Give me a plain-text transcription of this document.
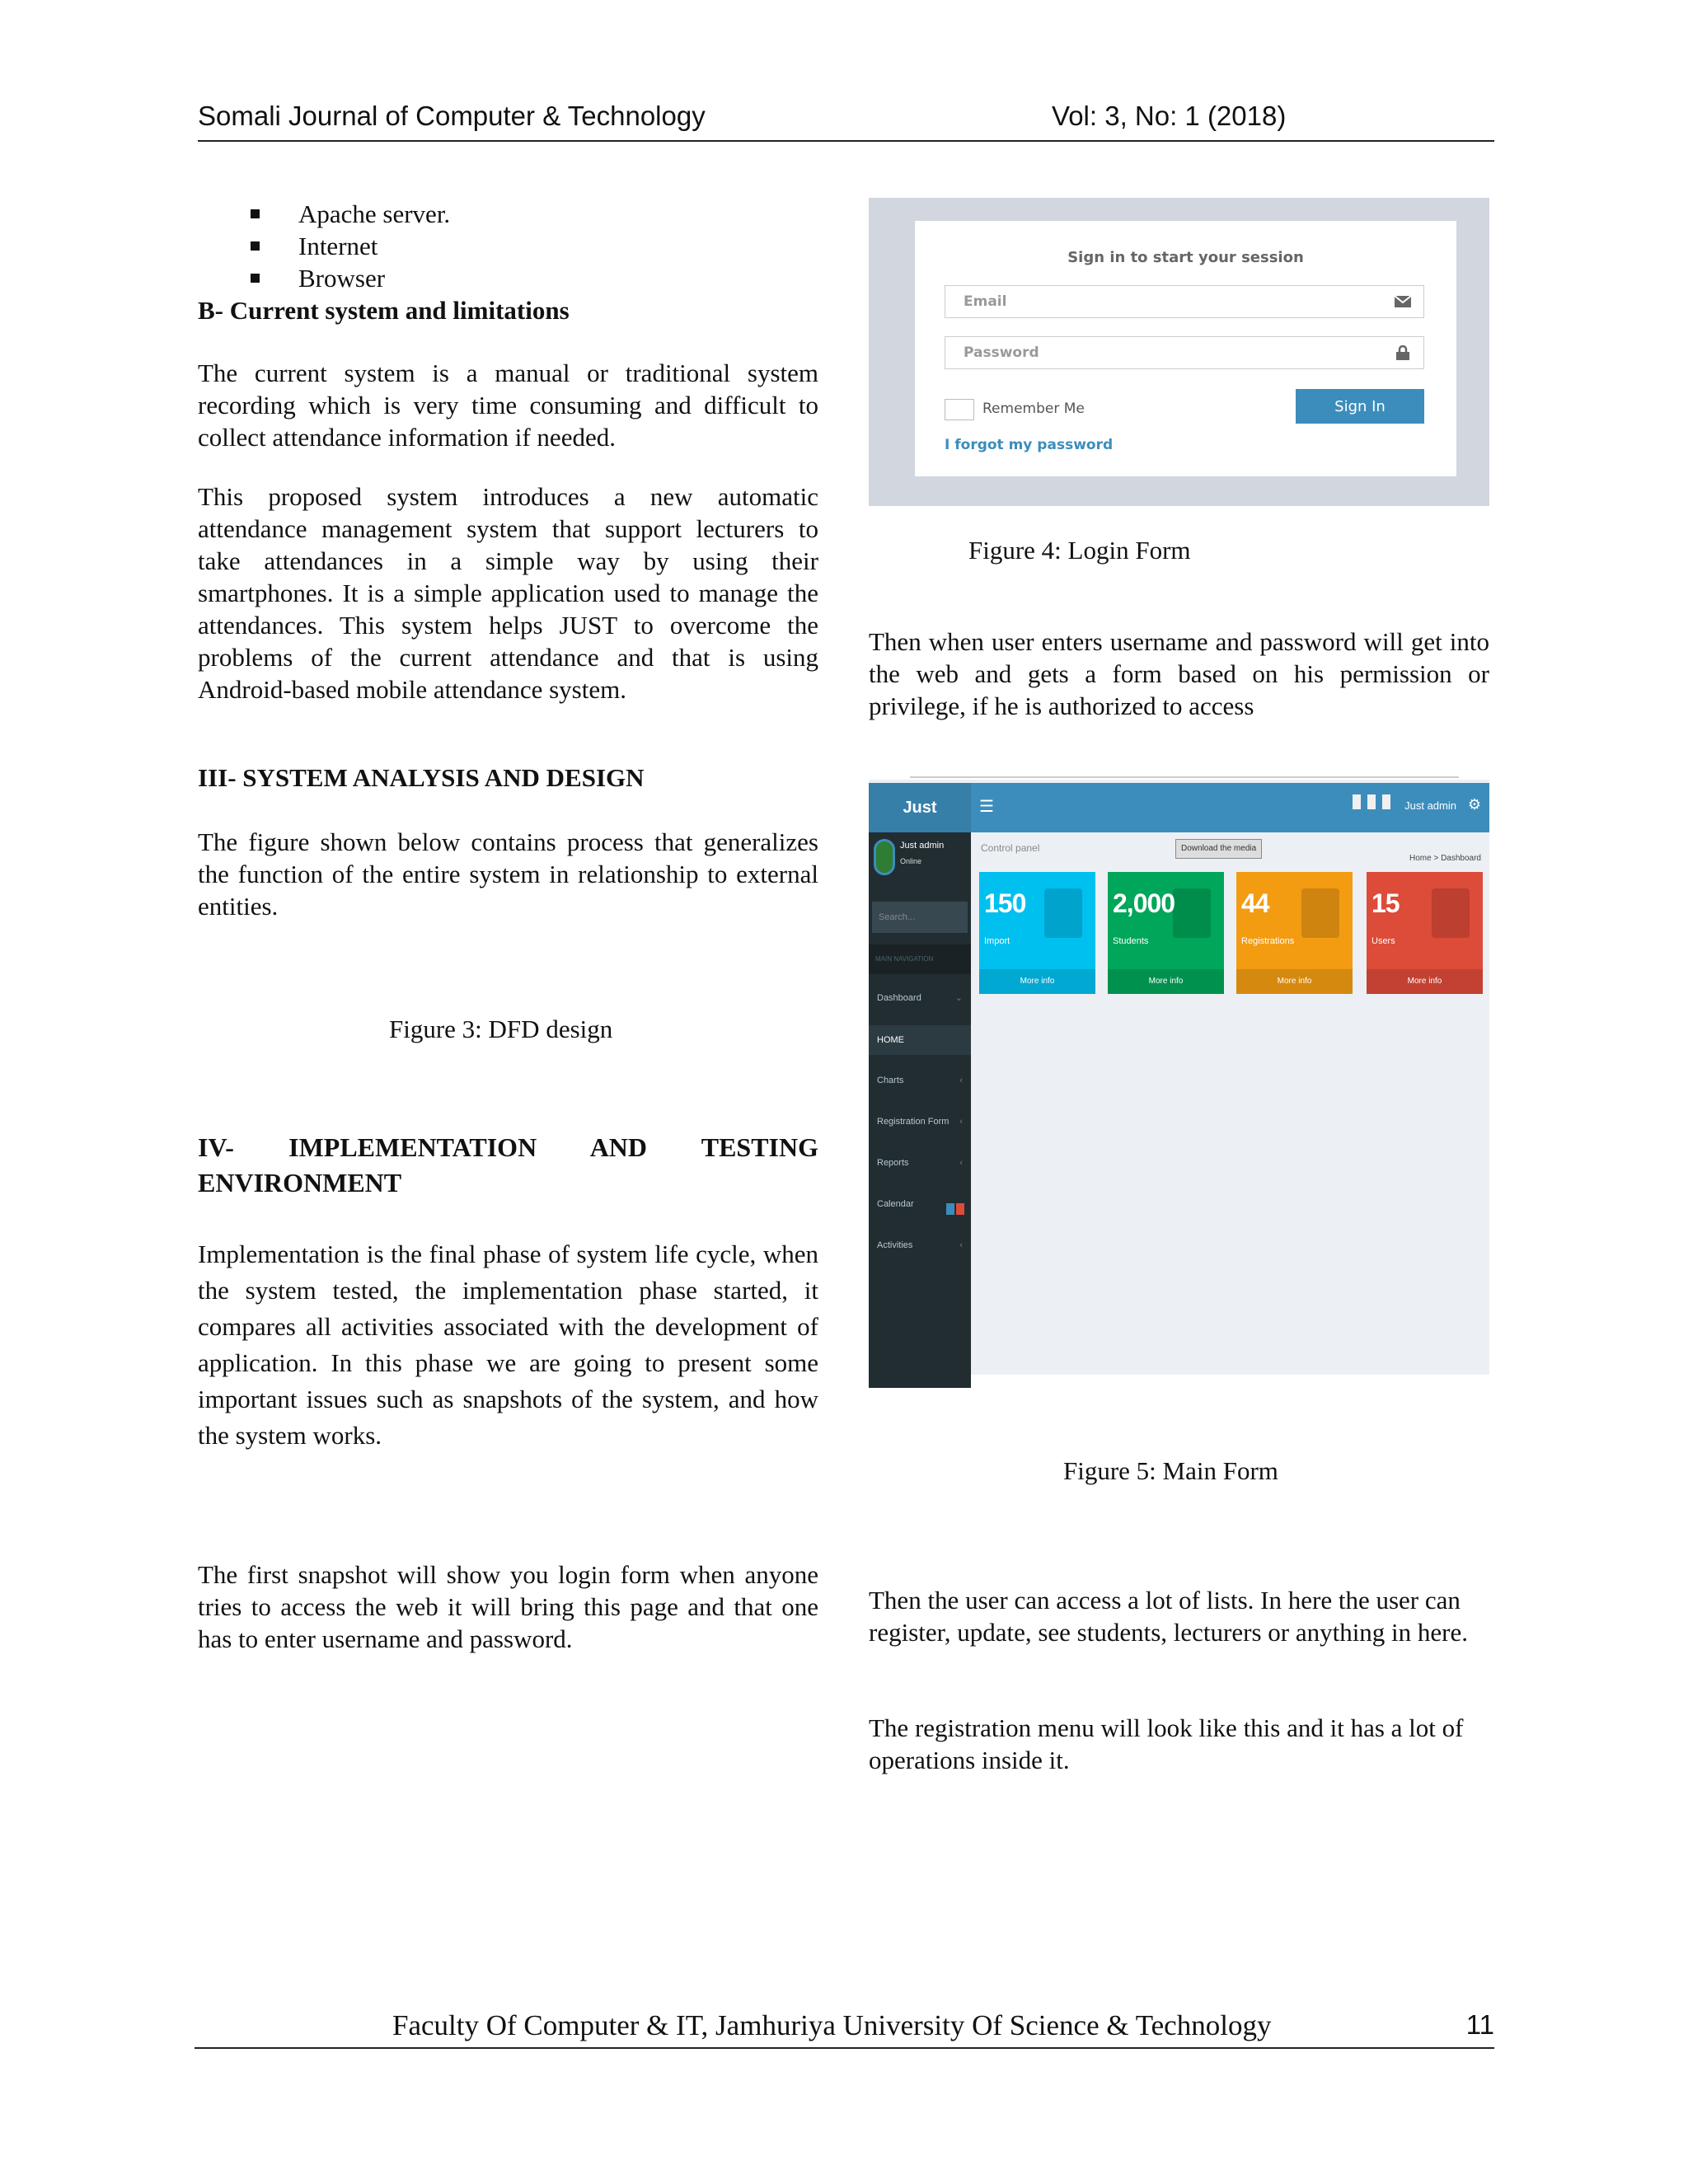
Somali Journal of Computer & Technology	Vol: 3, No: 1 (2018)
Apache server.
Internet
Browser
B- Current system and limitations

The current system is a manual or traditional system recording which is very time consuming and difficult to collect attendance information if needed.

This proposed system introduces a new automatic attendance management system that support lecturers to take attendances in a simple way by using their smartphones. It is a simple application used to manage the attendances. This system helps JUST to overcome the problems of the current attendance and that is using Android-based mobile attendance system.

III- SYSTEM ANALYSIS AND DESIGN

The figure shown below contains process that generalizes the function of the entire system in relationship to external entities.

Figure 3: DFD design
IV- IMPLEMENTATION AND TESTING
ENVIRONMENT

Implementation is the final phase of system life cycle, when the system tested, the implementation phase started, it compares all activities associated with the development of application. In this phase we are going to present some important issues such as snapshots of the system, and how the system works.

The first snapshot will show you login form when anyone tries to access the web it will bring this page and that one has to enter username and password.

Sign in to start your session
Email
Password
Remember Me	Sign In
I forgot my password
Figure 4: Login Form

Then when user enters username and password will get into the web and gets a form based on his permission or privilege, if he is authorized to access

Just	☰	Just admin ⚙
Just admin
Online
Search...
MAIN NAVIGATION
Dashboard	⌄
HOME
Charts	‹
Registration Form ‹
Reports	‹
Calendar
Activities	‹
Control panel	Download the media
Home > Dashboard
150
Import
More info
2,000
Students
More info
44
Registrations
More info
15
Users
More info
Figure 5: Main Form

Then the user can access a lot of lists. In here the user can register, update, see students, lecturers or anything in here.

The registration menu will look like this and it has a lot of operations inside it.

Faculty Of Computer & IT, Jamhuriya University Of Science & Technology	11
